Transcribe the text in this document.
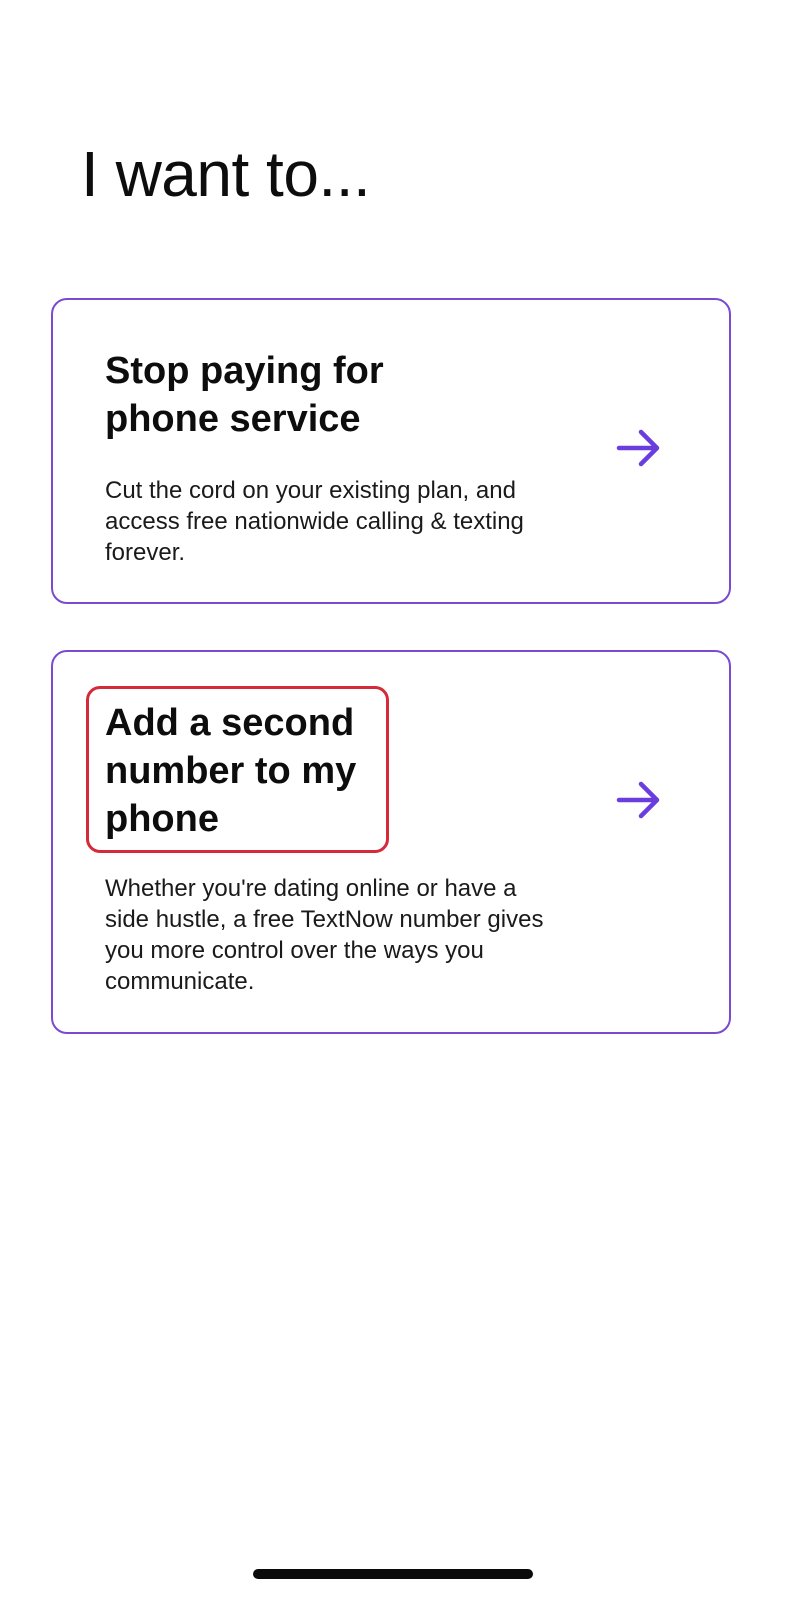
I want to...
Stop paying for phone service

Cut the cord on your existing plan, and access free nationwide calling & texting forever.

Add a second number to my phone

Whether you're dating online or have a side hustle, a free TextNow number gives you more control over the ways you communicate.
